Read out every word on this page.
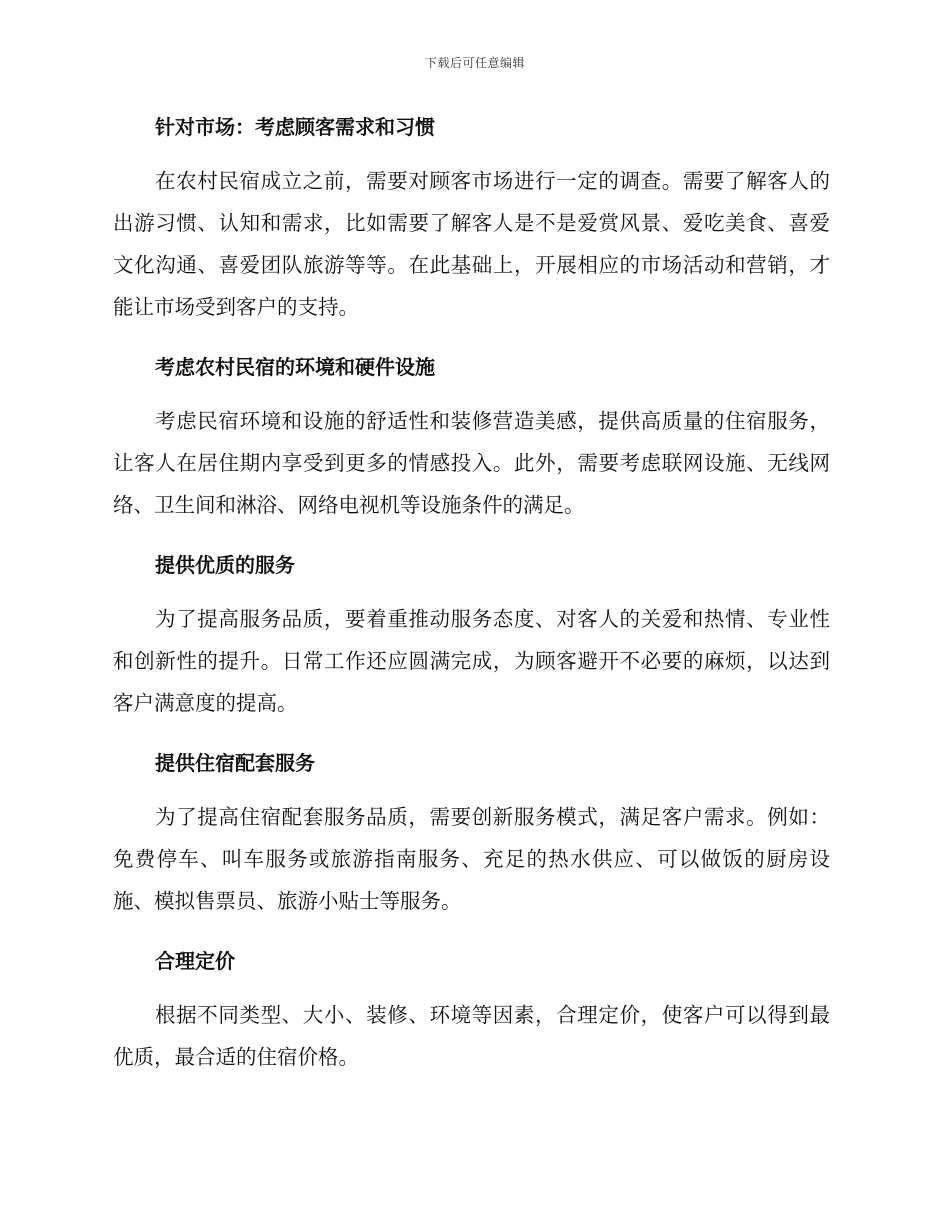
下载后可任意编辑
针对市场：考虑顾客需求和习惯

在农村民宿成立之前，需要对顾客市场进行一定的调查。需要了解客人的出游习惯、认知和需求，比如需要了解客人是不是爱赏风景、爱吃美食、喜爱文化沟通、喜爱团队旅游等等。在此基础上，开展相应的市场活动和营销，才能让市场受到客户的支持。

考虑农村民宿的环境和硬件设施

考虑民宿环境和设施的舒适性和装修营造美感，提供高质量的住宿服务，让客人在居住期内享受到更多的情感投入。此外，需要考虑联网设施、无线网络、卫生间和淋浴、网络电视机等设施条件的满足。

提供优质的服务

为了提高服务品质，要着重推动服务态度、对客人的关爱和热情、专业性和创新性的提升。日常工作还应圆满完成，为顾客避开不必要的麻烦，以达到客户满意度的提高。

提供住宿配套服务

为了提高住宿配套服务品质，需要创新服务模式，满足客户需求。例如：免费停车、叫车服务或旅游指南服务、充足的热水供应、可以做饭的厨房设施、模拟售票员、旅游小贴士等服务。

合理定价

根据不同类型、大小、装修、环境等因素，合理定价，使客户可以得到最优质，最合适的住宿价格。
